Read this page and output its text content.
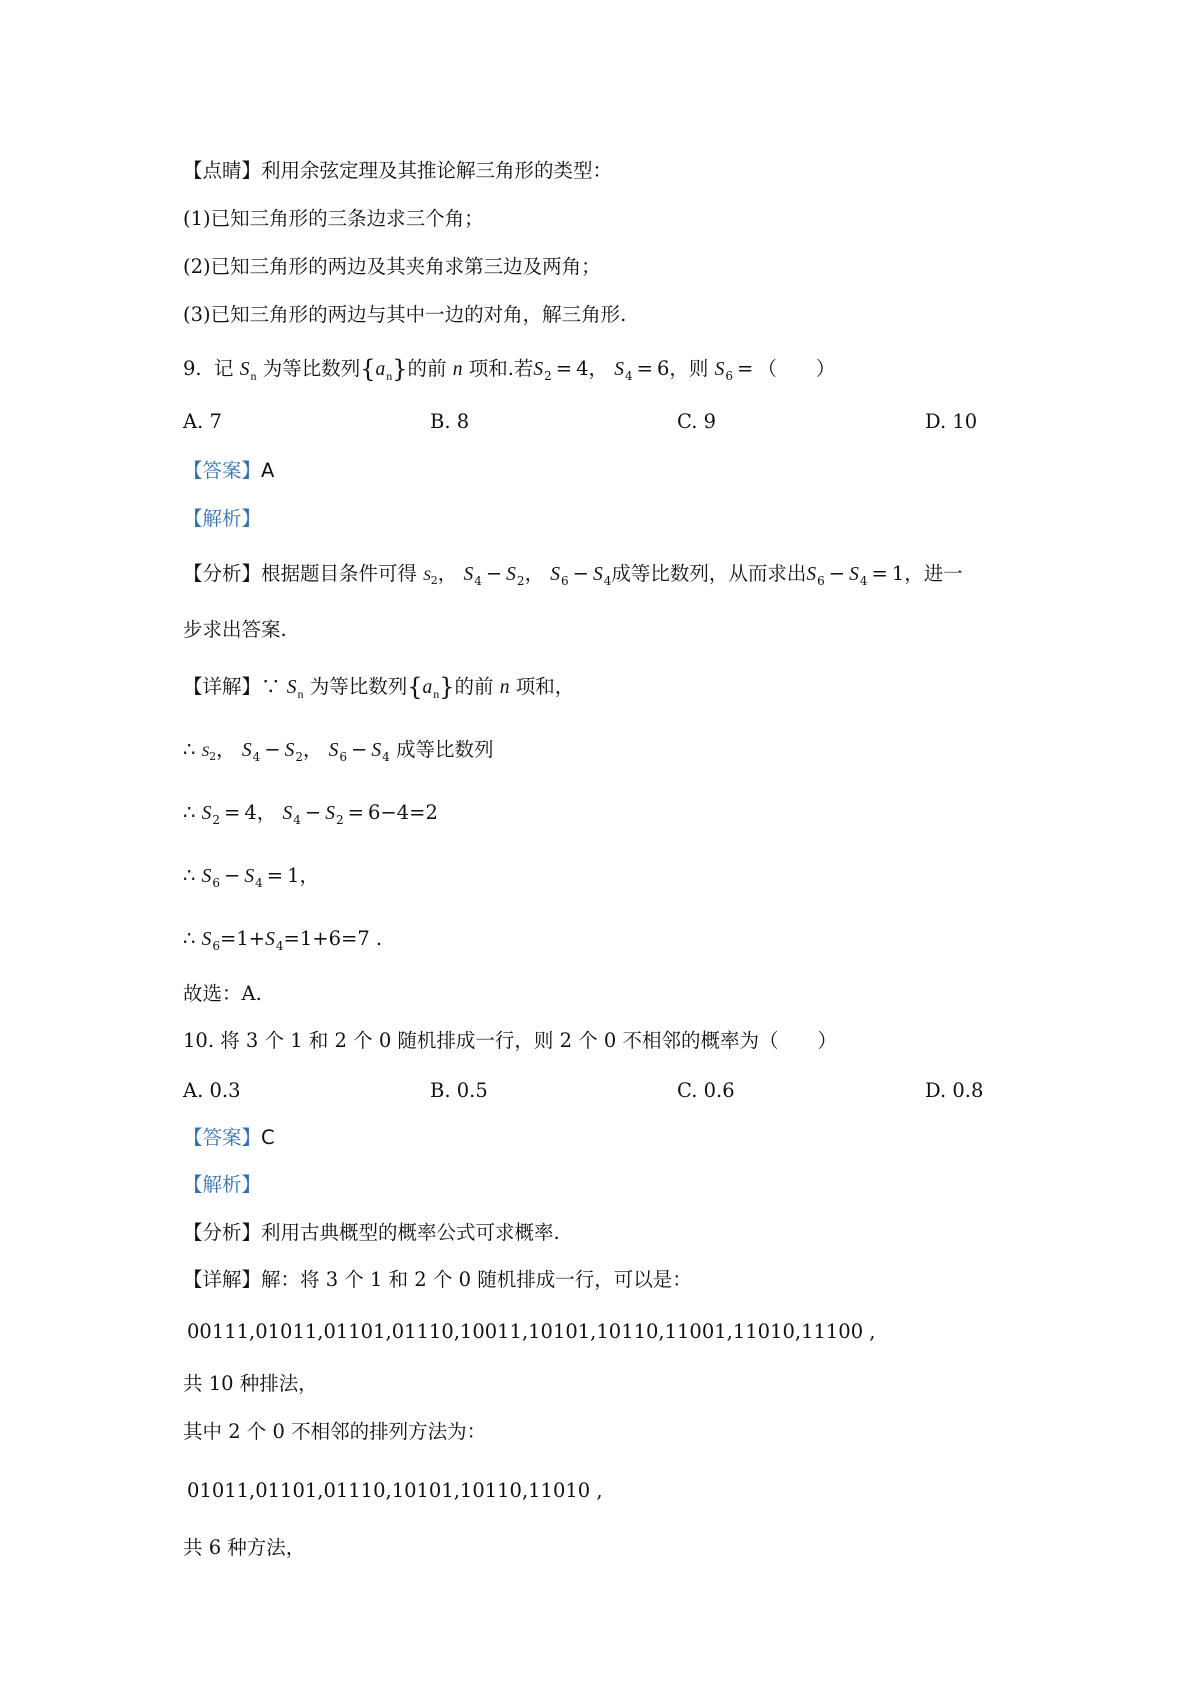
【点睛】利用余弦定理及其推论解三角形的类型：
(1)已知三角形的三条边求三个角；
(2)已知三角形的两边及其夹角求第三边及两角；
(3)已知三角形的两边与其中一边的对角，解三角形.
9. 记 $S_n$ 为等比数列$\{a_n\}$的前 n 项和.若$S_2 = 4$， $S_4 = 6$，则 $S_6$ = （　　）
A. 7	B. 8	C. 9	D. 10
【答案】A
【解析】
【分析】根据题目条件可得 $S_2$， $S_4 - S_2$， $S_6 - S_4$成等比数列，从而求出$S_6 - S_4 = 1$，进一
步求出答案.
【详解】∵ $S_n$ 为等比数列$\{a_n\}$的前 n 项和，
∴ $S_2$， $S_4 - S_2$， $S_6 - S_4$ 成等比数列
∴ $S_2 = 4$， $S_4 - S_2 = 6-4=2$
∴ $S_6 - S_4 = 1$，
∴ $S_6=1+S_4=1+6=7$ .
故选：A.
10. 将 3 个 1 和 2 个 0 随机排成一行，则 2 个 0 不相邻的概率为（　　）
A. 0.3	B. 0.5	C. 0.6	D. 0.8
【答案】C
【解析】
【分析】利用古典概型的概率公式可求概率.
【详解】解：将 3 个 1 和 2 个 0 随机排成一行，可以是：
00111,01011,01101,01110,10011,10101,10110,11001,11010,11100 ,
共 10 种排法，
其中 2 个 0 不相邻的排列方法为：
01011,01101,01110,10101,10110,11010 ,
共 6 种方法，
